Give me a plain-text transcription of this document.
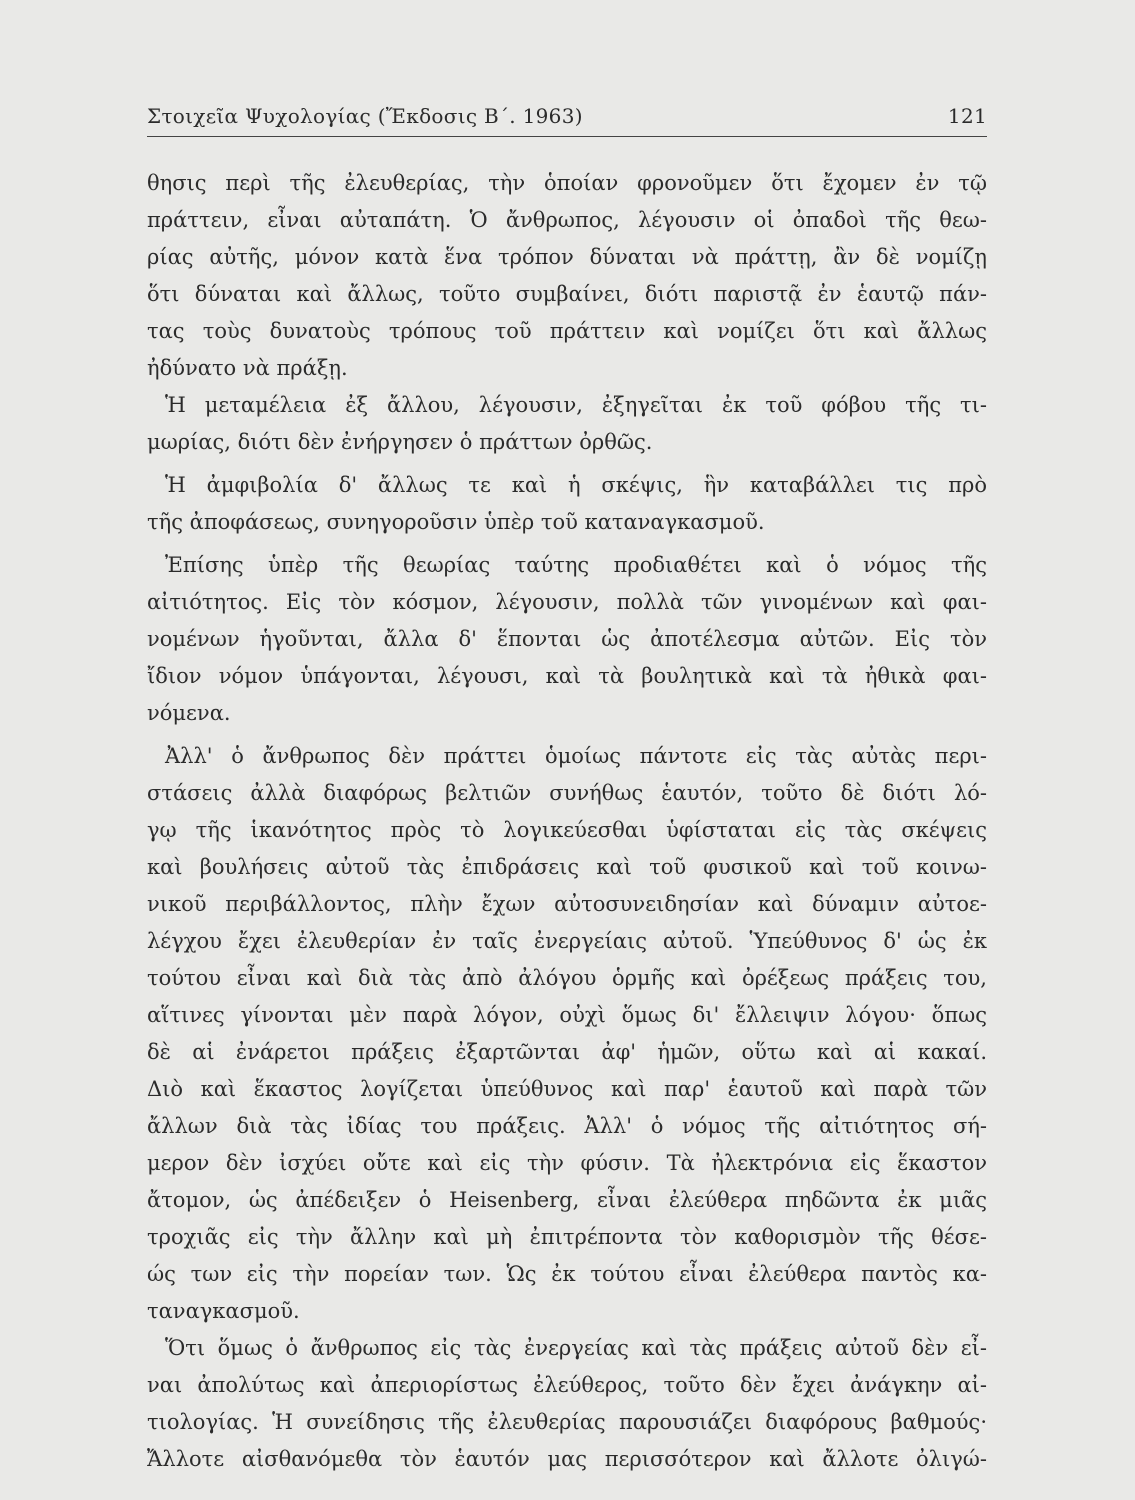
Στοιχεῖα Ψυχολογίας (Ἔκδοσις Β΄. 1963)	121
θησις περὶ τῆς ἐλευθερίας, τὴν ὁποίαν φρονοῦμεν ὅτι ἔχομεν ἐν τῷ
πράττειν, εἶναι αὐταπάτη. Ὁ ἄνθρωπος, λέγουσιν οἱ ὀπαδοὶ τῆς θεω-
ρίας αὐτῆς, μόνον κατὰ ἕνα τρόπον δύναται νὰ πράττῃ, ἂν δὲ νομίζῃ
ὅτι δύναται καὶ ἄλλως, τοῦτο συμβαίνει, διότι παριστᾷ ἐν ἑαυτῷ πάν-
τας τοὺς δυνατοὺς τρόπους τοῦ πράττειν καὶ νομίζει ὅτι καὶ ἄλλως
ἠδύνατο νὰ πράξῃ.
Ἡ μεταμέλεια ἐξ ἄλλου, λέγουσιν, ἐξηγεῖται ἐκ τοῦ φόβου τῆς τι-
μωρίας, διότι δὲν ἐνήργησεν ὁ πράττων ὀρθῶς.
Ἡ ἀμφιβολία δ' ἄλλως τε καὶ ἡ σκέψις, ἣν καταβάλλει τις πρὸ
τῆς ἀποφάσεως, συνηγοροῦσιν ὑπὲρ τοῦ καταναγκασμοῦ.
Ἐπίσης ὑπὲρ τῆς θεωρίας ταύτης προδιαθέτει καὶ ὁ νόμος τῆς
αἰτιότητος. Εἰς τὸν κόσμον, λέγουσιν, πολλὰ τῶν γινομένων καὶ φαι-
νομένων ἡγοῦνται, ἄλλα δ' ἕπονται ὡς ἀποτέλεσμα αὐτῶν. Εἰς τὸν
ἴδιον νόμον ὑπάγονται, λέγουσι, καὶ τὰ βουλητικὰ καὶ τὰ ἠθικὰ φαι-
νόμενα.
Ἀλλ' ὁ ἄνθρωπος δὲν πράττει ὁμοίως πάντοτε εἰς τὰς αὐτὰς περι-
στάσεις ἀλλὰ διαφόρως βελτιῶν συνήθως ἑαυτόν, τοῦτο δὲ διότι λό-
γῳ τῆς ἱκανότητος πρὸς τὸ λογικεύεσθαι ὑφίσταται εἰς τὰς σκέψεις
καὶ βουλήσεις αὐτοῦ τὰς ἐπιδράσεις καὶ τοῦ φυσικοῦ καὶ τοῦ κοινω-
νικοῦ περιβάλλοντος, πλὴν ἔχων αὐτοσυνειδησίαν καὶ δύναμιν αὐτοε-
λέγχου ἔχει ἐλευθερίαν ἐν ταῖς ἐνεργείαις αὐτοῦ. Ὑπεύθυνος δ' ὡς ἐκ
τούτου εἶναι καὶ διὰ τὰς ἀπὸ ἀλόγου ὁρμῆς καὶ ὀρέξεως πράξεις του,
αἵτινες γίνονται μὲν παρὰ λόγον, οὐχὶ ὅμως δι' ἔλλειψιν λόγου· ὅπως
δὲ αἱ ἐνάρετοι πράξεις ἐξαρτῶνται ἀφ' ἡμῶν, οὕτω καὶ αἱ κακαί.
Διὸ καὶ ἕκαστος λογίζεται ὑπεύθυνος καὶ παρ' ἑαυτοῦ καὶ παρὰ τῶν
ἄλλων διὰ τὰς ἰδίας του πράξεις. Ἀλλ' ὁ νόμος τῆς αἰτιότητος σή-
μερον δὲν ἰσχύει οὔτε καὶ εἰς τὴν φύσιν. Τὰ ἠλεκτρόνια εἰς ἕκαστον
ἄτομον, ὡς ἀπέδειξεν ὁ Heisenberg, εἶναι ἐλεύθερα πηδῶντα ἐκ μιᾶς
τροχιᾶς εἰς τὴν ἄλλην καὶ μὴ ἐπιτρέποντα τὸν καθορισμὸν τῆς θέσε-
ώς των εἰς τὴν πορείαν των. Ὡς ἐκ τούτου εἶναι ἐλεύθερα παντὸς κα-
ταναγκασμοῦ.
Ὅτι ὅμως ὁ ἄνθρωπος εἰς τὰς ἐνεργείας καὶ τὰς πράξεις αὐτοῦ δὲν εἶ-
ναι ἀπολύτως καὶ ἀπεριορίστως ἐλεύθερος, τοῦτο δὲν ἔχει ἀνάγκην αἰ-
τιολογίας. Ἡ συνείδησις τῆς ἐλευθερίας παρουσιάζει διαφόρους βαθμούς·
Ἄλλοτε αἰσθανόμεθα τὸν ἑαυτόν μας περισσότερον καὶ ἄλλοτε ὀλιγώ-
